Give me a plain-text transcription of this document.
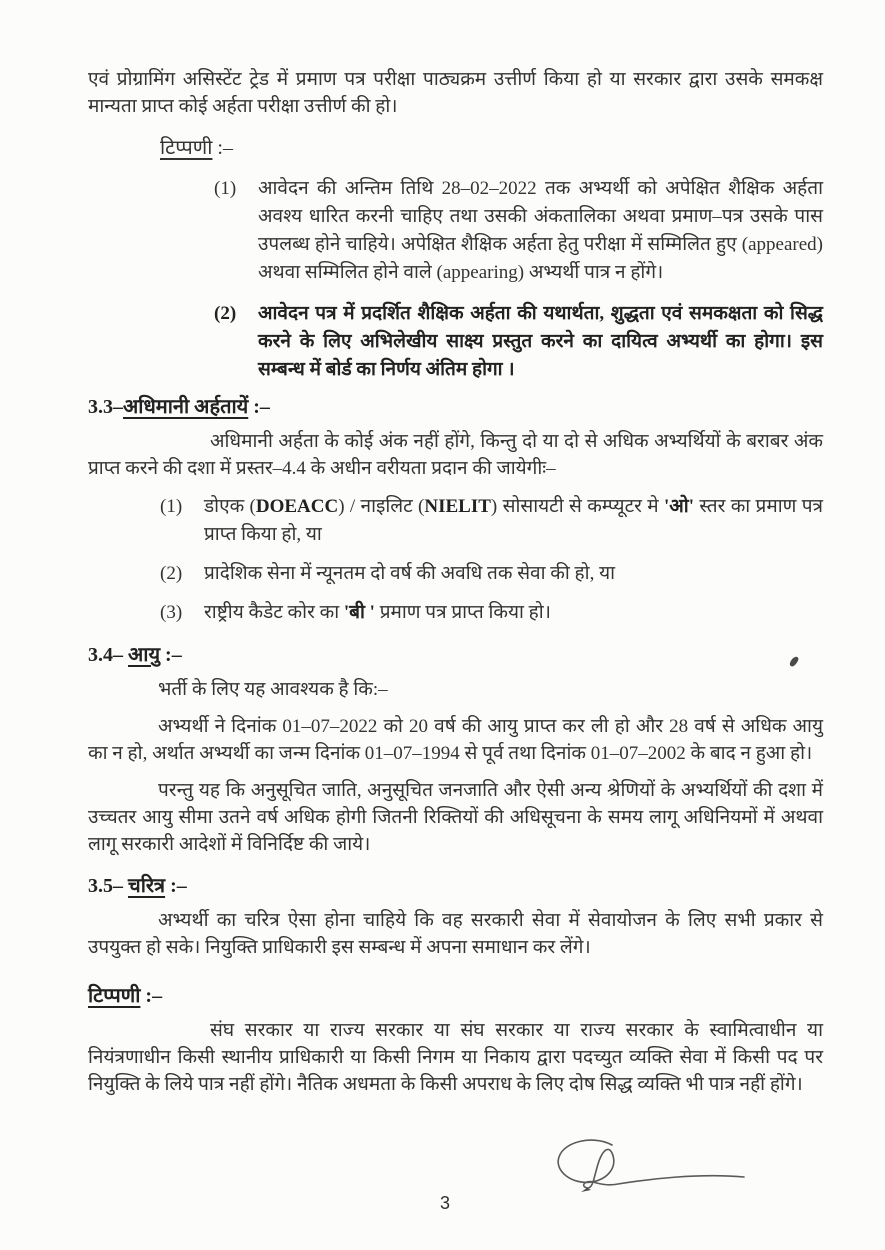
एवं प्रोग्रामिंग असिस्टेंट ट्रेड में प्रमाण पत्र परीक्षा पाठ्यक्रम उत्तीर्ण किया हो या सरकार द्वारा उसके समकक्ष मान्यता प्राप्त कोई अर्हता परीक्षा उत्तीर्ण की हो।

टिप्पणी :–
(1)	आवेदन की अन्तिम तिथि 28–02–2022 तक अभ्यर्थी को अपेक्षित शैक्षिक अर्हता अवश्य धारित करनी चाहिए तथा उसकी अंकतालिका अथवा प्रमाण–पत्र उसके पास उपलब्ध होने चाहिये। अपेक्षित शैक्षिक अर्हता हेतु परीक्षा में सम्मिलित हुए (appeared) अथवा सम्मिलित होने वाले (appearing) अभ्यर्थी पात्र न होंगे।
(2)	आवेदन पत्र में प्रदर्शित शैक्षिक अर्हता की यथार्थता, शुद्धता एवं समकक्षता को सिद्ध करने के लिए अभिलेखीय साक्ष्य प्रस्तुत करने का दायित्व अभ्यर्थी का होगा। इस सम्बन्ध में बोर्ड का निर्णय अंतिम होगा ।
3.3–अधिमानी अर्हतायें :–

अधिमानी अर्हता के कोई अंक नहीं होंगे, किन्तु दो या दो से अधिक अभ्यर्थियों के बराबर अंक प्राप्त करने की दशा में प्रस्तर–4.4 के अधीन वरीयता प्रदान की जायेगीः–

(1)	डोएक (DOEACC) / नाइलिट (NIELIT) सोसायटी से कम्प्यूटर मे 'ओ' स्तर का प्रमाण पत्र प्राप्त किया हो, या
(2)	प्रादेशिक सेना में न्यूनतम दो वर्ष की अवधि तक सेवा की हो, या
(3)	राष्ट्रीय कैडेट कोर का 'बी ' प्रमाण पत्र प्राप्त किया हो।
3.4– आयु :–

भर्ती के लिए यह आवश्यक है कि:–

अभ्यर्थी ने दिनांक 01–07–2022 को 20 वर्ष की आयु प्राप्त कर ली हो और 28 वर्ष से अधिक आयु का न हो, अर्थात अभ्यर्थी का जन्म दिनांक 01–07–1994 से पूर्व तथा दिनांक 01–07–2002 के बाद न हुआ हो।

परन्तु यह कि अनुसूचित जाति, अनुसूचित जनजाति और ऐसी अन्य श्रेणियों के अभ्यर्थियों की दशा में उच्चतर आयु सीमा उतने वर्ष अधिक होगी जितनी रिक्तियों की अधिसूचना के समय लागू अधिनियमों में अथवा लागू सरकारी आदेशों में विनिर्दिष्ट की जाये।

3.5– चरित्र :–

अभ्यर्थी का चरित्र ऐसा होना चाहिये कि वह सरकारी सेवा में सेवायोजन के लिए सभी प्रकार से उपयुक्त हो सके। नियुक्ति प्राधिकारी इस सम्बन्ध में अपना समाधान कर लेंगे।

टिप्पणी :–

संघ सरकार या राज्य सरकार या संघ सरकार या राज्य सरकार के स्वामित्वाधीन या नियंत्रणाधीन किसी स्थानीय प्राधिकारी या किसी निगम या निकाय द्वारा पदच्युत व्यक्ति सेवा में किसी पद पर नियुक्ति के लिये पात्र नहीं होंगे। नैतिक अधमता के किसी अपराध के लिए दोष सिद्ध व्यक्ति भी पात्र नहीं होंगे।

3
